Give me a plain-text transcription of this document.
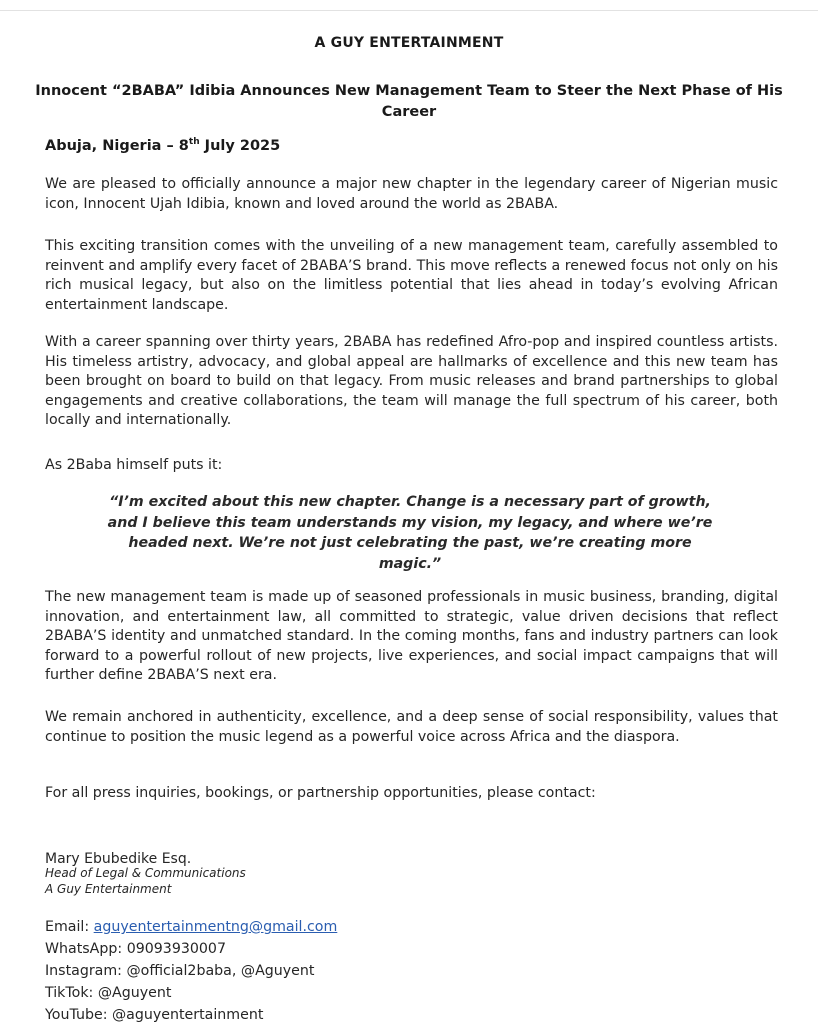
A GUY ENTERTAINMENT
Innocent “2BABA” Idibia Announces New Management Team to Steer the Next Phase of His Career
Abuja, Nigeria – 8th July 2025
We are pleased to officially announce a major new chapter in the legendary career of Nigerian music icon, Innocent Ujah Idibia, known and loved around the world as 2BABA.
This exciting transition comes with the unveiling of a new management team, carefully assembled to reinvent and amplify every facet of 2BABA’S brand. This move reflects a renewed focus not only on his rich musical legacy, but also on the limitless potential that lies ahead in today’s evolving African entertainment landscape.
With a career spanning over thirty years, 2BABA has redefined Afro-pop and inspired countless artists. His timeless artistry, advocacy, and global appeal are hallmarks of excellence and this new team has been brought on board to build on that legacy. From music releases and brand partnerships to global engagements and creative collaborations, the team will manage the full spectrum of his career, both locally and internationally.
As 2Baba himself puts it:
“I’m excited about this new chapter. Change is a necessary part of growth, and I believe this team understands my vision, my legacy, and where we’re headed next. We’re not just celebrating the past, we’re creating more magic.”
The new management team is made up of seasoned professionals in music business, branding, digital innovation, and entertainment law, all committed to strategic, value driven decisions that reflect 2BABA’S identity and unmatched standard. In the coming months, fans and industry partners can look forward to a powerful rollout of new projects, live experiences, and social impact campaigns that will further define 2BABA’S next era.
We remain anchored in authenticity, excellence, and a deep sense of social responsibility, values that continue to position the music legend as a powerful voice across Africa and the diaspora.
For all press inquiries, bookings, or partnership opportunities, please contact:
Mary Ebubedike Esq.
Head of Legal & Communications
A Guy Entertainment
Email: aguyentertainmentng@gmail.com
WhatsApp: 09093930007
Instagram: @official2baba, @Aguyent
TikTok: @Aguyent
YouTube: @aguyentertainment
